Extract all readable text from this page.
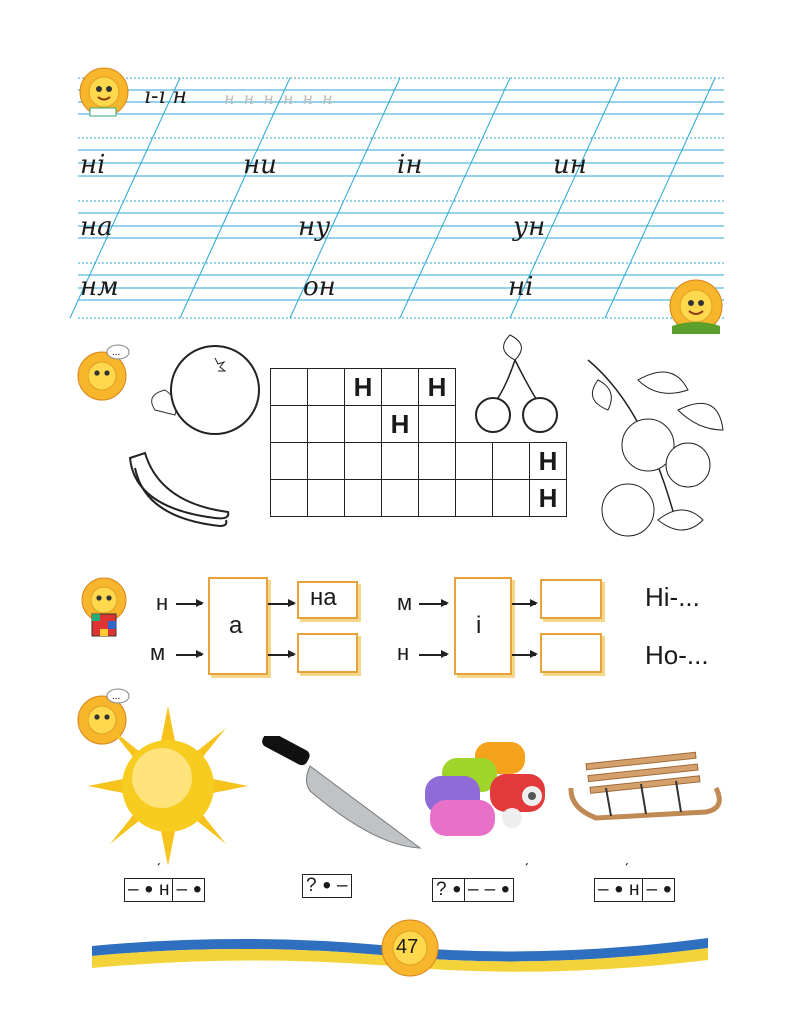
ı-ı н н н н н н н
ні	ни	ін	ин
на	ну	ун
нм	он	ні
...
		Н		Н			
			Н				
							Н
							Н
н
м
а
на	м
н
і
Ні-...
Но-...
...
– • н – •
ˊ
? • –	? • – – •
ˊ
– • н – •
ˊ
47
